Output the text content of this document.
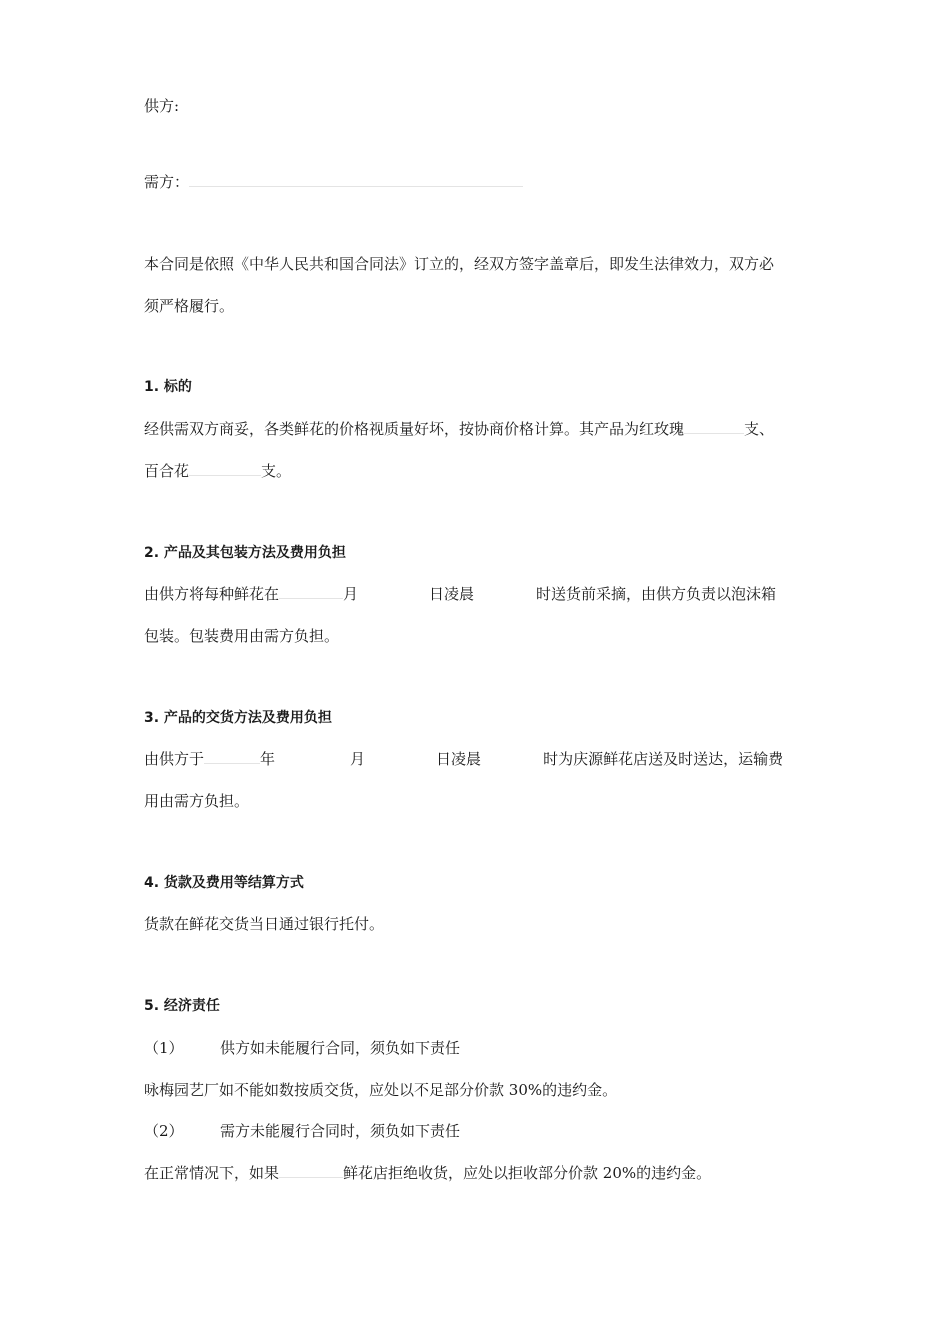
供方:
需方：
本合同是依照《中华人民共和国合同法》订立的，经双方签字盖章后，即发生法律效力，双方必
须严格履行。
1. 标的
经供需双方商妥，各类鲜花的价格视质量好坏，按协商价格计算。其产品为红玫瑰	支、
百合花	支。
2. 产品及其包装方法及费用负担
由供方将每种鲜花在	月	日凌晨	时送货前采摘，由供方负责以泡沫箱
包装。包装费用由需方负担。
3. 产品的交货方法及费用负担
由供方于	年	月	日凌晨	时为庆源鲜花店送及时送达，运输费
用由需方负担。
4. 货款及费用等结算方式
货款在鲜花交货当日通过银行托付。
5. 经济责任
（1） 供方如未能履行合同，须负如下责任
咏梅园艺厂如不能如数按质交货，应处以不足部分价款 30%的违约金。
（2） 需方未能履行合同时，须负如下责任
在正常情况下，如果	鲜花店拒绝收货，应处以拒收部分价款 20%的违约金。
